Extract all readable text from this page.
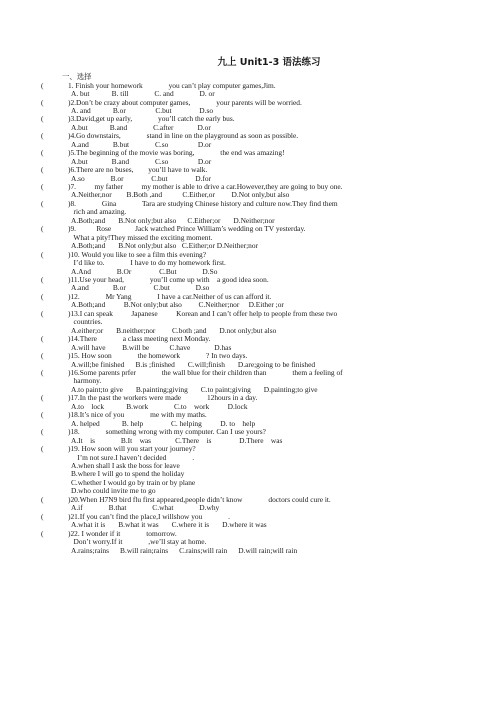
九上 Unit1-3 语法练习
一、选择
(	1. Finish your homework              you can’t play computer games,Jim.
A. but            B. till              C. and              D. or
(	)2.Don’t be crazy about computer games,              your parents will be worried.
A. and            B.or                C.but               D.so
(	)3.David,get up early,              you’ll catch the early bus.
A.but            B.and              C.after             D.or
(	)4.Go downstairs,              stand in line on the playground as soon as possible.
A.and             B.but              C.so                D.or
(	)5.The beginning of the movie was boring,              the end was amazing!
A.but             B.and              C.so                D.or
(	)6.There are no buses,        you’ll have to walk.
A.so              B.or               C.but               D.for
(	)7.          my father          my mother is able to drive a car.However,they are going to buy one.
A.Neither,nor        B.Both ,and           C.Either,or         D.Not only,but also
(	)8.              Gina              Tara are studying Chinese history and culture now.They find them
rich and amazing.
A.Both;and       B.Not only;but also      C.Either;or       D.Neither;nor
(	)9.           Rose             Jack watched Prince William’s wedding on TV yesterday.
What a pity!They missed the exciting moment.
A.Both;and       B.Not only;but also   C.Either;or D.Neither;nor
(	)10. Would you like to see a film this evening?
I’d like to.              I have to do my homework first.
A.And              B.Or               C.But              D.So
(	)11.Use your head,              you’ll come up with    a good idea soon.
A.and             B.or               C.but              D.so
(	)12.              Mr Yang              I have a car.Neither of us can afford it.
A.Both;and          B.Not only;but also         C.Neither;nor     D.Either ;or
(	)13.I can speak          Japanese          Korean and I can’t offer help to people from these two
countries.
A.either;or       B.neither;nor         C.both ;and       D.not only;but also
(	)14.There              a class meeting next Monday.
A.will have         B.will be           C.have             D.has
(	)15. How soon              the homework              ? In two days.
A.will;be finished      B.is ;finished       C.will;finish       D.are;going to be finished
(	)16.Some parents prfer              the wall blue for their children than              them a feeling of
harmony.
A.to paint;to give       B.painting;giving       C.to paint;giving       D.painting;to give
(	)17.In the past the workers were made              12hours in a day.
A.to    lock            B.work              C.to    work          D.lock
(	)18.It’s nice of you              me with my maths.
A. helped            B. help               C. helping          D. to    help
(	)18.              something wrong with my computer. Can I use yours?
A.It    is              B.It    was             C.There    is               D.There    was
(	)19. How soon will you start your journey?
I’m not sure.I haven’t decided              .
A.when shall I ask the boss for leave
B.where I will go to spend the holiday
C.whether I would go by train or by plane
D.who could invite me to go
(	)20.When H7N9 bird flu first appeared,people didn’t know              doctors could cure it.
A.if              B.that              C.what              D.why
(	)21.If you can’t find the place,I willshow you              .
A.what it is       B.what it was       C.where it is       D.where it was
(	)22. I wonder if it              tomorrow.
Don’t worry.If it              ,we’ll stay at home.
A.rains;rains      B.will rain;rains      C.rains;will rain      D.will rain;will rain
